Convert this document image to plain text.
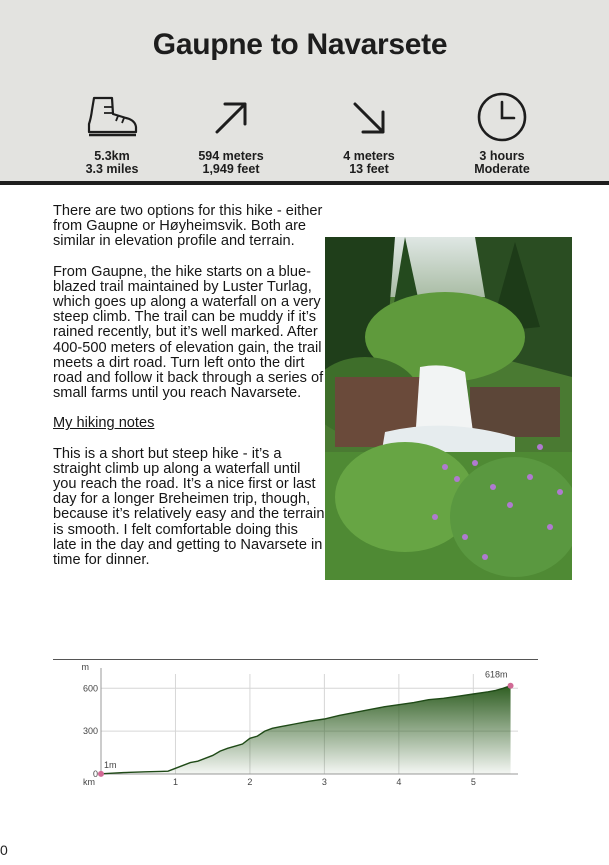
Gaupne to Navarsete
5.3km
3.3 miles
594 meters
1,949 feet
4 meters
13 feet
3 hours
Moderate

There are two options for this hike - either from Gaupne or Høyheimsvik. Both are similar in elevation profile and terrain.

From Gaupne, the hike starts on a blue-blazed trail maintained by Luster Turlag, which goes up along a waterfall on a very steep climb. The trail can be muddy if it’s rained recently, but it’s well marked. After 400-500 meters of elevation gain, the trail meets a dirt road. Turn left onto the dirt road and follow it back through a series of small farms until you reach Navarsete.

My hiking notes

This is a short but steep hike - it’s a straight climb up along a waterfall until you reach the road. It’s a nice first or last day for a longer Breheimen trip, though, because it’s relatively easy and the terrain is smooth. I felt comfortable doing this late in the day and getting to Navarsete in time for dinner.

1	2	3	4	5
0
300
600
km
m
1m
618m
0
